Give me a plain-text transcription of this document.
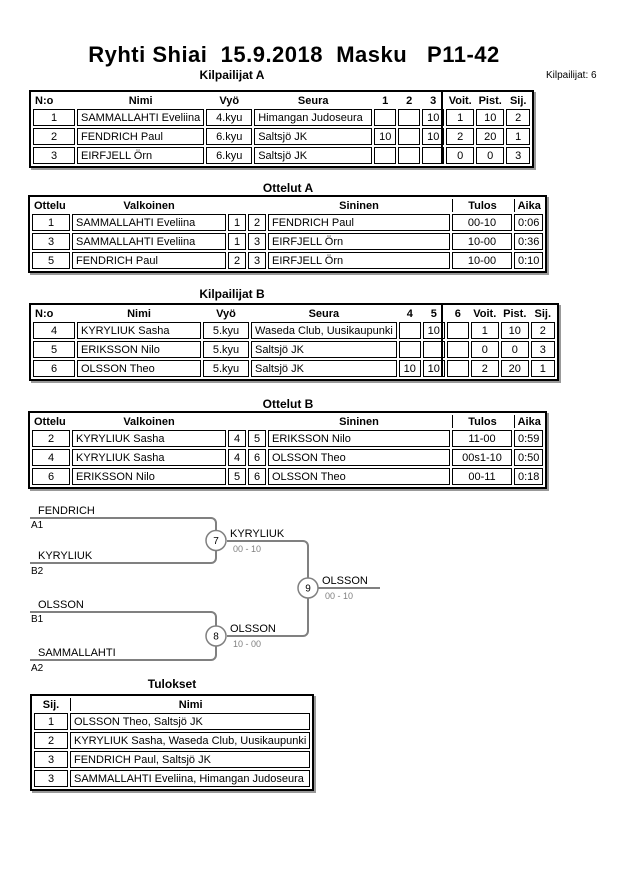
Ryhti Shiai  15.9.2018  Masku   P11-42
Kilpailijat A	Kilpailijat: 6
N:o	Nimi	Vyö	Seura	1	2	3	Voit.	Pist.	Sij.
1	SAMMALLAHTI Eveliina	4.kyu	Himangan Judoseura			10	1	10	2
2	FENDRICH Paul	6.kyu	Saltsjö JK	10		10	2	20	1
3	EIRFJELL Örn	6.kyu	Saltsjö JK				0	0	3
Ottelut A
Ottelu	Valkoinen			Sininen	Tulos	Aika
1	SAMMALLAHTI Eveliina	1	2	FENDRICH Paul	00-10	0:06
3	SAMMALLAHTI Eveliina	1	3	EIRFJELL Örn	10-00	0:36
5	FENDRICH Paul	2	3	EIRFJELL Örn	10-00	0:10
Kilpailijat B
N:o	Nimi	Vyö	Seura	4	5	6	Voit.	Pist.	Sij.
4	KYRYLIUK Sasha	5.kyu	Waseda Club, Uusikaupunki		10		1	10	2
5	ERIKSSON Nilo	5.kyu	Saltsjö JK				0	0	3
6	OLSSON Theo	5.kyu	Saltsjö JK	10	10		2	20	1
Ottelut B
Ottelu	Valkoinen			Sininen	Tulos	Aika
2	KYRYLIUK Sasha	4	5	ERIKSSON Nilo	11-00	0:59
4	KYRYLIUK Sasha	4	6	OLSSON Theo	00s1-10	0:50
6	ERIKSSON Nilo	5	6	OLSSON Theo	00-11	0:18
FENDRICH
A1
KYRYLIUK
B2
7
KYRYLIUK
00 - 10
OLSSON
B1
SAMMALLAHTI
A2
8
OLSSON
10 - 00
9
OLSSON
00 - 10
Tulokset
Sij.	Nimi
1	OLSSON Theo, Saltsjö JK
2	KYRYLIUK Sasha, Waseda Club, Uusikaupunki
3	FENDRICH Paul, Saltsjö JK
3	SAMMALLAHTI Eveliina, Himangan Judoseura
